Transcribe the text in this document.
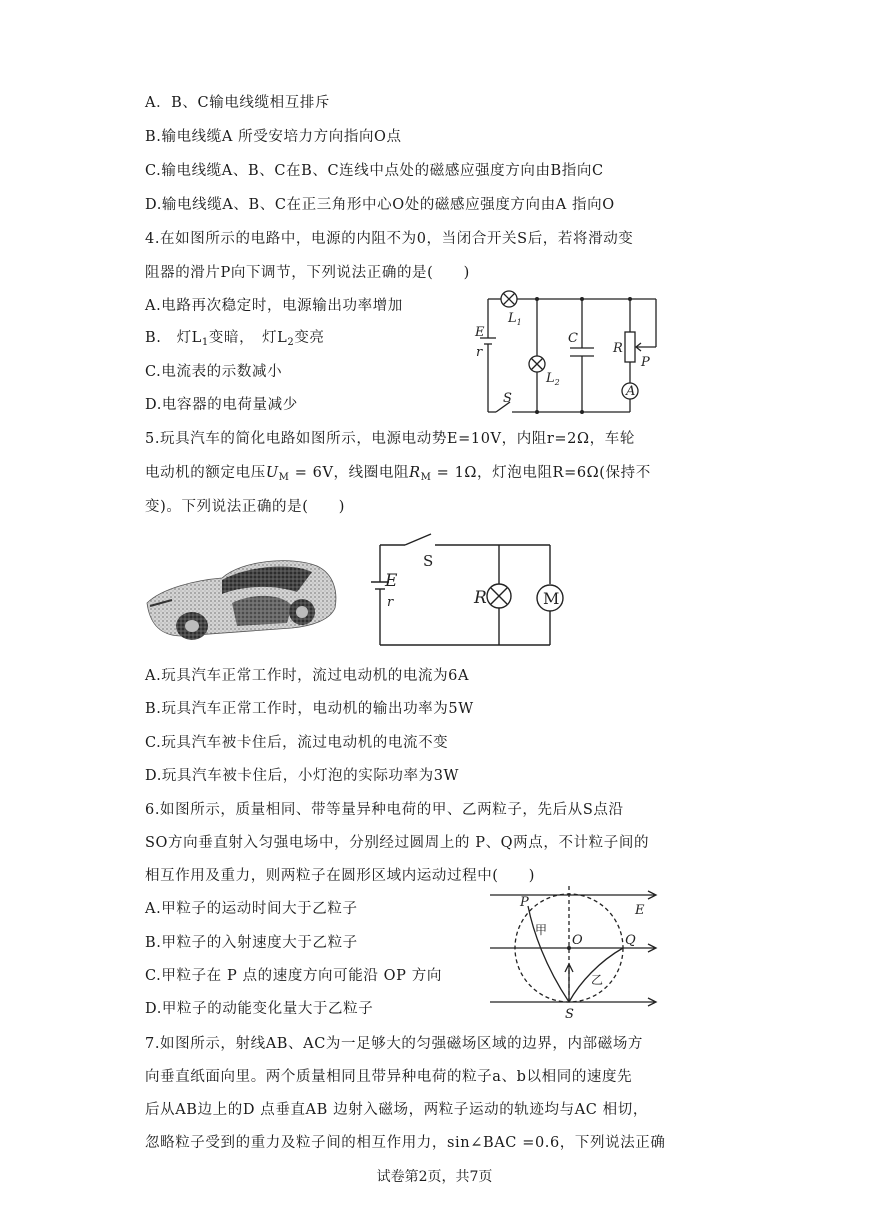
A．B、C输电线缆相互排斥
B.输电线缆A 所受安培力方向指向O点
C.输电线缆A、B、C在B、C连线中点处的磁感应强度方向由B指向C
D.输电线缆A、B、C在正三角形中心O处的磁感应强度方向由A 指向O
4.在如图所示的电路中，电源的内阻不为0，当闭合开关S后，若将滑动变
阻器的滑片P向下调节，下列说法正确的是(　　)
A.电路再次稳定时，电源输出功率增加
B.　灯$L_1$变暗，　灯$L_2$变亮
C.电流表的示数减小
D.电容器的电荷量减少
5.玩具汽车的简化电路如图所示，电源电动势E=10V，内阻r=2Ω，车轮
电动机的额定电压$U_M = 6V$，线圈电阻$R_M = 1\Omega$，灯泡电阻R=6Ω(保持不
变)。下列说法正确的是(　　)
A.玩具汽车正常工作时，流过电动机的电流为6A
B.玩具汽车正常工作时，电动机的输出功率为5W
C.玩具汽车被卡住后，流过电动机的电流不变
D.玩具汽车被卡住后，小灯泡的实际功率为3W
6.如图所示，质量相同、带等量异种电荷的甲、乙两粒子，先后从S点沿
SO方向垂直射入匀强电场中，分别经过圆周上的 P、Q两点，不计粒子间的
相互作用及重力，则两粒子在圆形区域内运动过程中(　　)
A.甲粒子的运动时间大于乙粒子
B.甲粒子的入射速度大于乙粒子
C.甲粒子在 P 点的速度方向可能沿 OP 方向
D.甲粒子的动能变化量大于乙粒子
7.如图所示，射线AB、AC为一足够大的匀强磁场区域的边界，内部磁场方
向垂直纸面向里。两个质量相同且带异种电荷的粒子a、b以相同的速度先
后从AB边上的D 点垂直AB 边射入磁场，两粒子运动的轨迹均与AC 相切，
忽略粒子受到的重力及粒子间的相互作用力，sin∠BAC =0.6，下列说法正确
E
r
$L_1$
$L_2$
C
R
P
A
S
E
r
S
R	M
P
E
甲
O	Q
乙
S
试卷第2页，共7页
